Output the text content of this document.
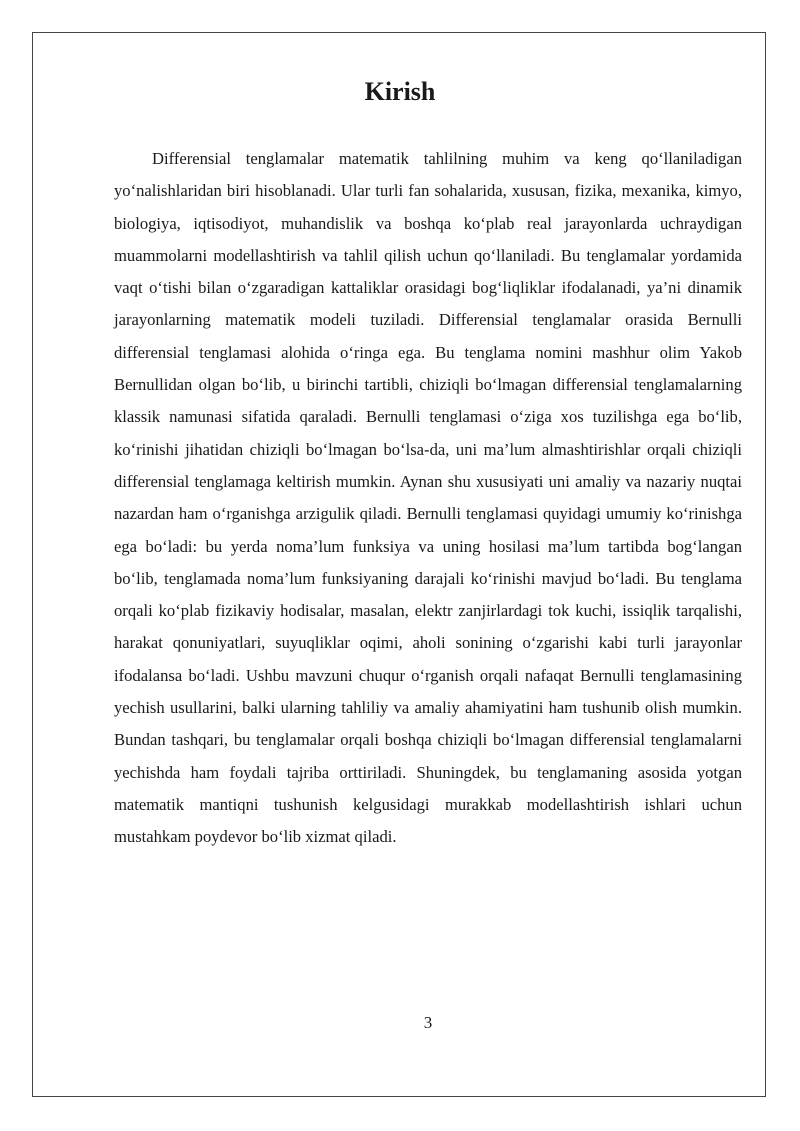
Kirish

Differensial tenglamalar matematik tahlilning muhim va keng qo‘llaniladigan yo‘nalishlaridan biri hisoblanadi. Ular turli fan sohalarida, xususan, fizika, mexanika, kimyo, biologiya, iqtisodiyot, muhandislik va boshqa ko‘plab real jarayonlarda uchraydigan muammolarni modellashtirish va tahlil qilish uchun qo‘llaniladi. Bu tenglamalar yordamida vaqt o‘tishi bilan o‘zgaradigan kattaliklar orasidagi bog‘liqliklar ifodalanadi, ya’ni dinamik jarayonlarning matematik modeli tuziladi. Differensial tenglamalar orasida Bernulli differensial tenglamasi alohida o‘ringa ega. Bu tenglama nomini mashhur olim Yakob Bernullidan olgan bo‘lib, u birinchi tartibli, chiziqli bo‘lmagan differensial tenglamalarning klassik namunasi sifatida qaraladi. Bernulli tenglamasi o‘ziga xos tuzilishga ega bo‘lib, ko‘rinishi jihatidan chiziqli bo‘lmagan bo‘lsa-da, uni ma’lum almashtirishlar orqali chiziqli differensial tenglamaga keltirish mumkin. Aynan shu xususiyati uni amaliy va nazariy nuqtai nazardan ham o‘rganishga arzigulik qiladi. Bernulli tenglamasi quyidagi umumiy ko‘rinishga ega bo‘ladi: bu yerda noma’lum funksiya va uning hosilasi ma’lum tartibda bog‘langan bo‘lib, tenglamada noma’lum funksiyaning darajali ko‘rinishi mavjud bo‘ladi. Bu tenglama orqali ko‘plab fizikaviy hodisalar, masalan, elektr zanjirlardagi tok kuchi, issiqlik tarqalishi, harakat qonuniyatlari, suyuqliklar oqimi, aholi sonining o‘zgarishi kabi turli jarayonlar ifodalansa bo‘ladi. Ushbu mavzuni chuqur o‘rganish orqali nafaqat Bernulli tenglamasining yechish usullarini, balki ularning tahliliy va amaliy ahamiyatini ham tushunib olish mumkin. Bundan tashqari, bu tenglamalar orqali boshqa chiziqli bo‘lmagan differensial tenglamalarni yechishda ham foydali tajriba orttiriladi. Shuningdek, bu tenglamaning asosida yotgan matematik mantiqni tushunish kelgusidagi murakkab modellashtirish ishlari uchun mustahkam poydevor bo‘lib xizmat qiladi.

3
